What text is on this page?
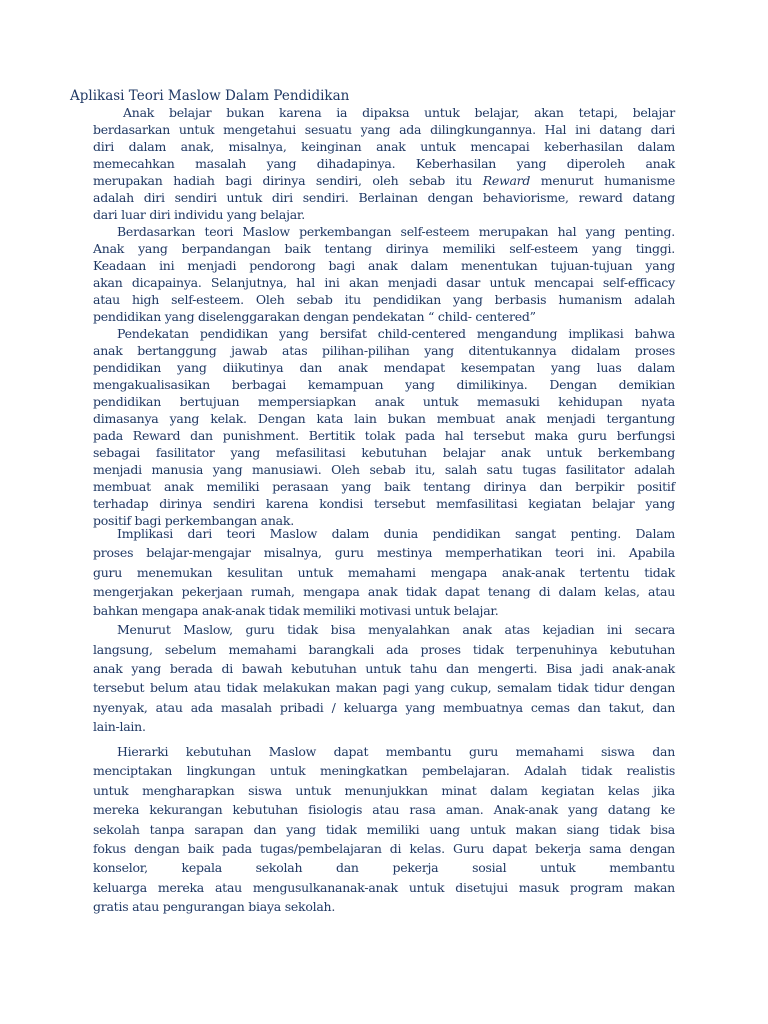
Aplikasi Teori Maslow Dalam Pendidikan
Anak belajar bukan karena ia dipaksa untuk belajar, akan tetapi, belajar
berdasarkan untuk mengetahui sesuatu yang ada dilingkungannya. Hal ini datang dari
diri dalam anak, misalnya, keinginan anak untuk mencapai keberhasilan dalam
memecahkan masalah yang dihadapinya. Keberhasilan yang diperoleh anak
merupakan hadiah bagi dirinya sendiri, oleh sebab itu Reward menurut humanisme
adalah diri sendiri untuk diri sendiri. Berlainan dengan behaviorisme, reward datang
dari luar diri individu yang belajar.
Berdasarkan teori Maslow perkembangan self-esteem merupakan hal yang penting.
Anak yang berpandangan baik tentang dirinya memiliki self-esteem yang tinggi.
Keadaan ini menjadi pendorong bagi anak dalam menentukan tujuan-tujuan yang
akan dicapainya. Selanjutnya, hal ini akan menjadi dasar untuk mencapai self-efficacy
atau high self-esteem. Oleh sebab itu pendidikan yang berbasis humanism adalah
pendidikan yang diselenggarakan dengan pendekatan “ child- centered”
Pendekatan pendidikan yang bersifat child-centered mengandung implikasi bahwa
anak bertanggung jawab atas pilihan-pilihan yang ditentukannya didalam proses
pendidikan yang diikutinya dan anak mendapat kesempatan yang luas dalam
mengakualisasikan berbagai kemampuan yang dimilikinya. Dengan demikian
pendidikan bertujuan mempersiapkan anak untuk memasuki kehidupan nyata
dimasanya yang kelak. Dengan kata lain bukan membuat anak menjadi tergantung
pada Reward dan punishment. Bertitik tolak pada hal tersebut maka guru berfungsi
sebagai fasilitator yang mefasilitasi kebutuhan belajar anak untuk berkembang
menjadi manusia yang manusiawi. Oleh sebab itu, salah satu tugas fasilitator adalah
membuat anak memiliki perasaan yang baik tentang dirinya dan berpikir positif
terhadap dirinya sendiri karena kondisi tersebut memfasilitasi kegiatan belajar yang
positif bagi perkembangan anak.
Implikasi dari teori Maslow dalam dunia pendidikan sangat penting. Dalam
proses belajar-mengajar misalnya, guru mestinya memperhatikan teori ini. Apabila
guru menemukan kesulitan untuk memahami mengapa anak-anak tertentu tidak
mengerjakan pekerjaan rumah, mengapa anak tidak dapat tenang di dalam kelas, atau
bahkan mengapa anak-anak tidak memiliki motivasi untuk belajar.
Menurut Maslow, guru tidak bisa menyalahkan anak atas kejadian ini secara
langsung, sebelum memahami barangkali ada proses tidak terpenuhinya kebutuhan
anak yang berada di bawah kebutuhan untuk tahu dan mengerti. Bisa jadi anak-anak
tersebut belum atau tidak melakukan makan pagi yang cukup, semalam tidak tidur dengan
nyenyak, atau ada masalah pribadi / keluarga yang membuatnya cemas dan takut, dan
lain-lain.
Hierarki kebutuhan Maslow dapat membantu guru memahami siswa dan
menciptakan lingkungan untuk meningkatkan pembelajaran. Adalah tidak realistis
untuk mengharapkan siswa untuk menunjukkan minat dalam kegiatan kelas jika
mereka kekurangan kebutuhan fisiologis atau rasa aman. Anak-anak yang datang ke
sekolah tanpa sarapan dan yang tidak memiliki uang untuk makan siang tidak bisa
fokus dengan baik pada tugas/pembelajaran di kelas. Guru dapat bekerja sama dengan
konselor, kepala sekolah dan pekerja sosial untuk membantu
keluarga mereka atau mengusulkananak-anak untuk disetujui masuk program makan
gratis atau pengurangan biaya sekolah.
